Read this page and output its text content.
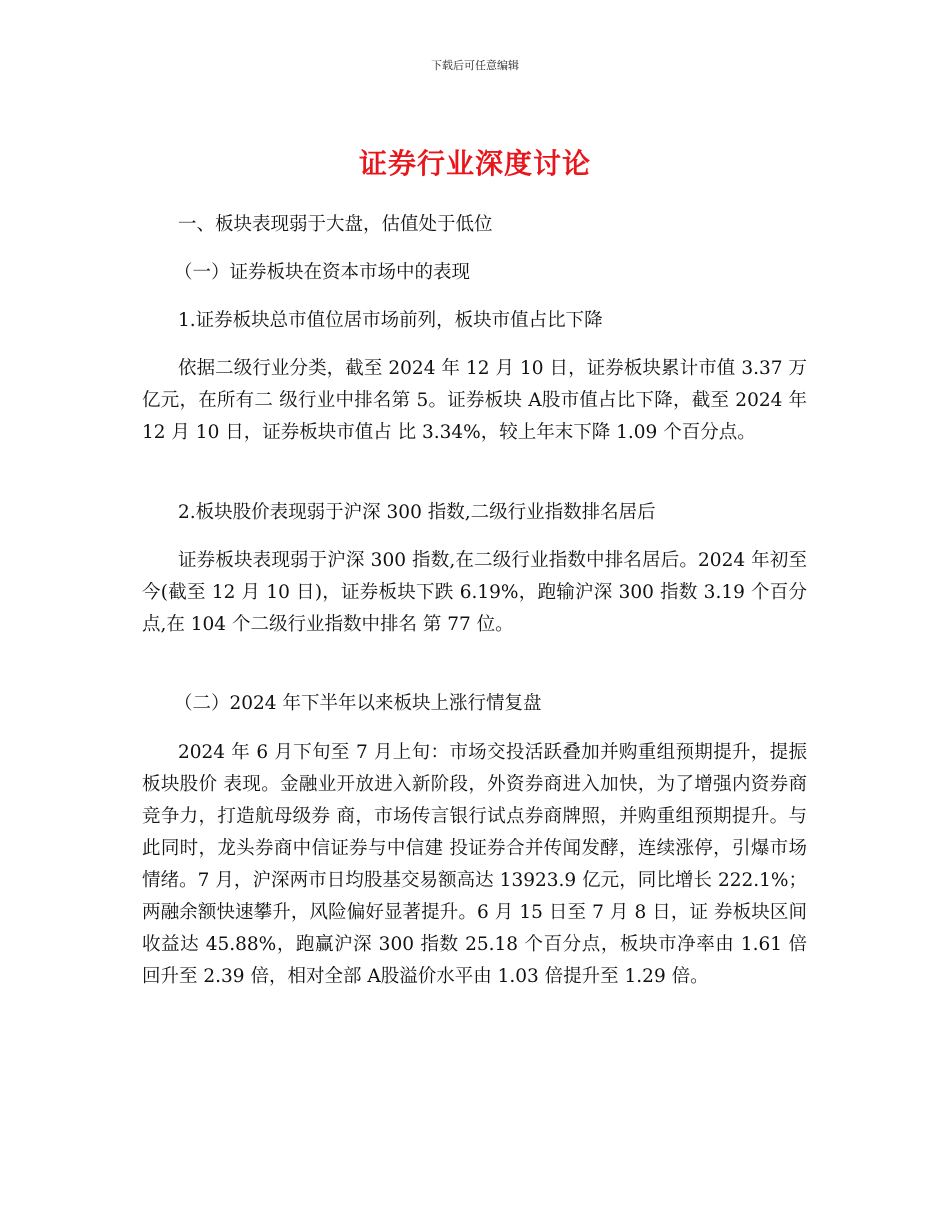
下载后可任意编辑
证券行业深度讨论
一、板块表现弱于大盘，估值处于低位
（一）证券板块在资本市场中的表现
1.证券板块总市值位居市场前列，板块市值占比下降
依据二级行业分类，截至 2024 年 12 月 10 日，证券板块累计市值 3.37 万亿元，在所有二 级行业中排名第 5。证券板块 A股市值占比下降，截至 2024 年 12 月 10 日，证券板块市值占 比 3.34%，较上年末下降 1.09 个百分点。
2.板块股价表现弱于沪深 300 指数,二级行业指数排名居后
证券板块表现弱于沪深 300 指数,在二级行业指数中排名居后。2024 年初至今(截至 12 月 10 日)，证券板块下跌 6.19%，跑输沪深 300 指数 3.19 个百分点,在 104 个二级行业指数中排名 第 77 位。
（二）2024 年下半年以来板块上涨行情复盘
2024 年 6 月下旬至 7 月上旬：市场交投活跃叠加并购重组预期提升，提振板块股价 表现。金融业开放进入新阶段，外资券商进入加快，为了增强内资券商竞争力，打造航母级券 商，市场传言银行试点券商牌照，并购重组预期提升。与此同时，龙头券商中信证券与中信建 投证券合并传闻发酵，连续涨停，引爆市场情绪。7 月，沪深两市日均股基交易额高达 13923.9 亿元，同比增长 222.1%；两融余额快速攀升，风险偏好显著提升。6 月 15 日至 7 月 8 日，证 券板块区间收益达 45.88%，跑赢沪深 300 指数 25.18 个百分点，板块市净率由 1.61 倍回升至 2.39 倍，相对全部 A股溢价水平由 1.03 倍提升至 1.29 倍。
